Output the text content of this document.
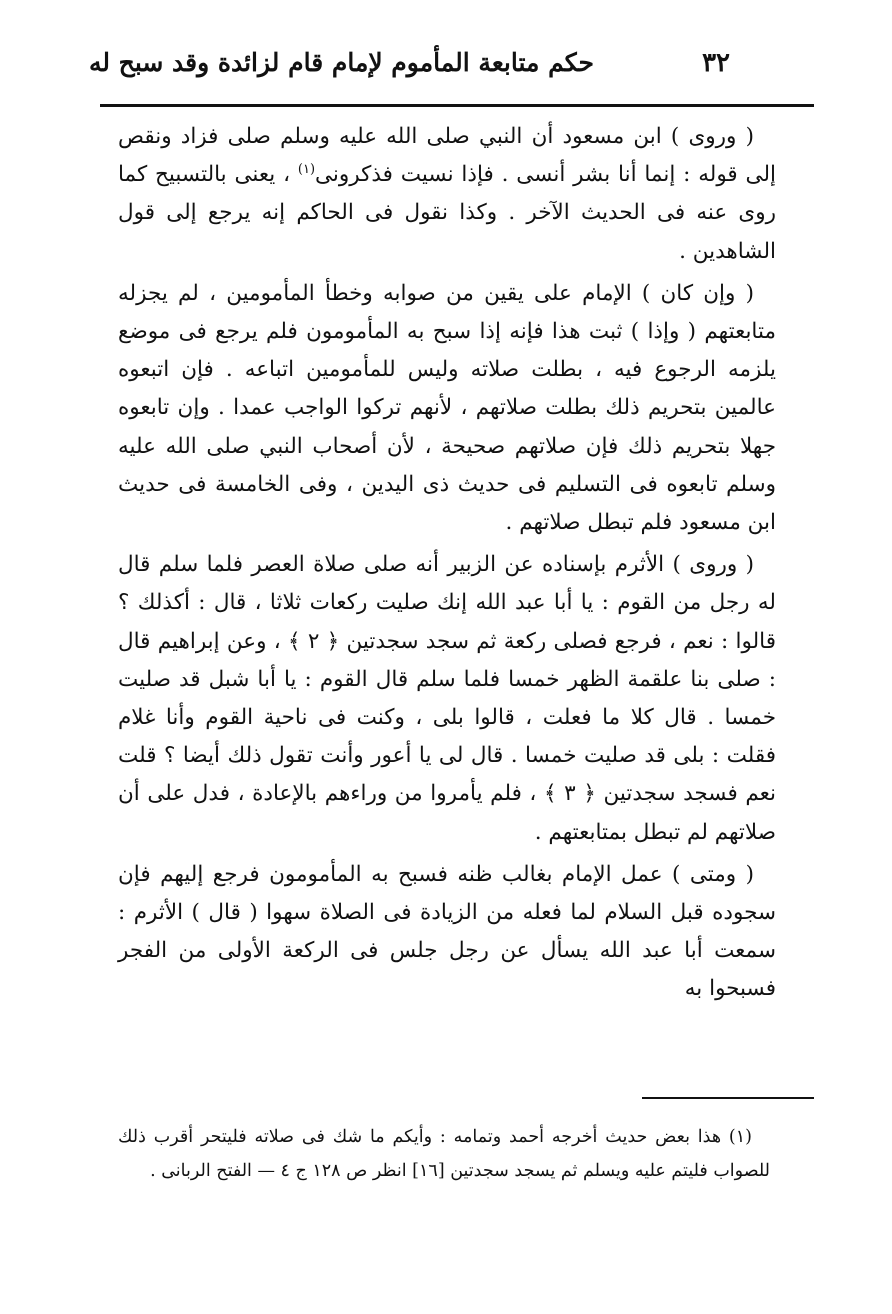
٣٢
حكم متابعة المأموم لإمام قام لزائدة وقد سبح له

( وروى ) ابن مسعود أن النبي صلى الله عليه وسلم صلى فزاد ونقص إلى قوله : إنما أنا بشر أنسى . فإذا نسيت فذكرونى$^{(١)}$ ، يعنى بالتسبيح كما روى عنه فى الحديث الآخر . وكذا نقول فى الحاكم إنه يرجع إلى قول الشاهدين .

( وإن كان ) الإمام على يقين من صوابه وخطأ المأمومين ، لم يجزله متابعتهم ( وإذا ) ثبت هذا فإنه إذا سبح به المأمومون فلم يرجع فى موضع يلزمه الرجوع فيه ، بطلت صلاته وليس للمأمومين اتباعه . فإن اتبعوه عالمين بتحريم ذلك بطلت صلاتهم ، لأنهم تركوا الواجب عمدا . وإن تابعوه جهلا بتحريم ذلك فإن صلاتهم صحيحة ، لأن أصحاب النبي صلى الله عليه وسلم تابعوه فى التسليم فى حديث ذى اليدين ، وفى الخامسة فى حديث ابن مسعود فلم تبطل صلاتهم .

( وروى ) الأثرم بإسناده عن الزبير أنه صلى صلاة العصر فلما سلم قال له رجل من القوم : يا أبا عبد الله إنك صليت ركعات ثلاثا ، قال : أكذلك ؟ قالوا : نعم ، فرجع فصلى ركعة ثم سجد سجدتين ﴿ ٢ ﴾ ، وعن إبراهيم قال : صلى بنا علقمة الظهر خمسا فلما سلم قال القوم : يا أبا شبل قد صليت خمسا . قال كلا ما فعلت ، قالوا بلى ، وكنت فى ناحية القوم وأنا غلام فقلت : بلى قد صليت خمسا . قال لى يا أعور وأنت تقول ذلك أيضا ؟ قلت نعم فسجد سجدتين ﴿ ٣ ﴾ ، فلم يأمروا من وراءهم بالإعادة ، فدل على أن صلاتهم لم تبطل بمتابعتهم .

( ومتى ) عمل الإمام بغالب ظنه فسبح به المأمومون فرجع إليهم فإن سجوده قبل السلام لما فعله من الزيادة فى الصلاة سهوا ( قال ) الأثرم : سمعت أبا عبد الله يسأل عن رجل جلس فى الركعة الأولى من الفجر فسبحوا به

(١) هذا بعض حديث أخرجه أحمد وتمامه : وأيكم ما شك فى صلاته فليتحر أقرب ذلك للصواب فليتم عليه ويسلم ثم يسجد سجدتين [١٦] انظر ص ١٢٨ ج ٤ — الفتح الربانى .
